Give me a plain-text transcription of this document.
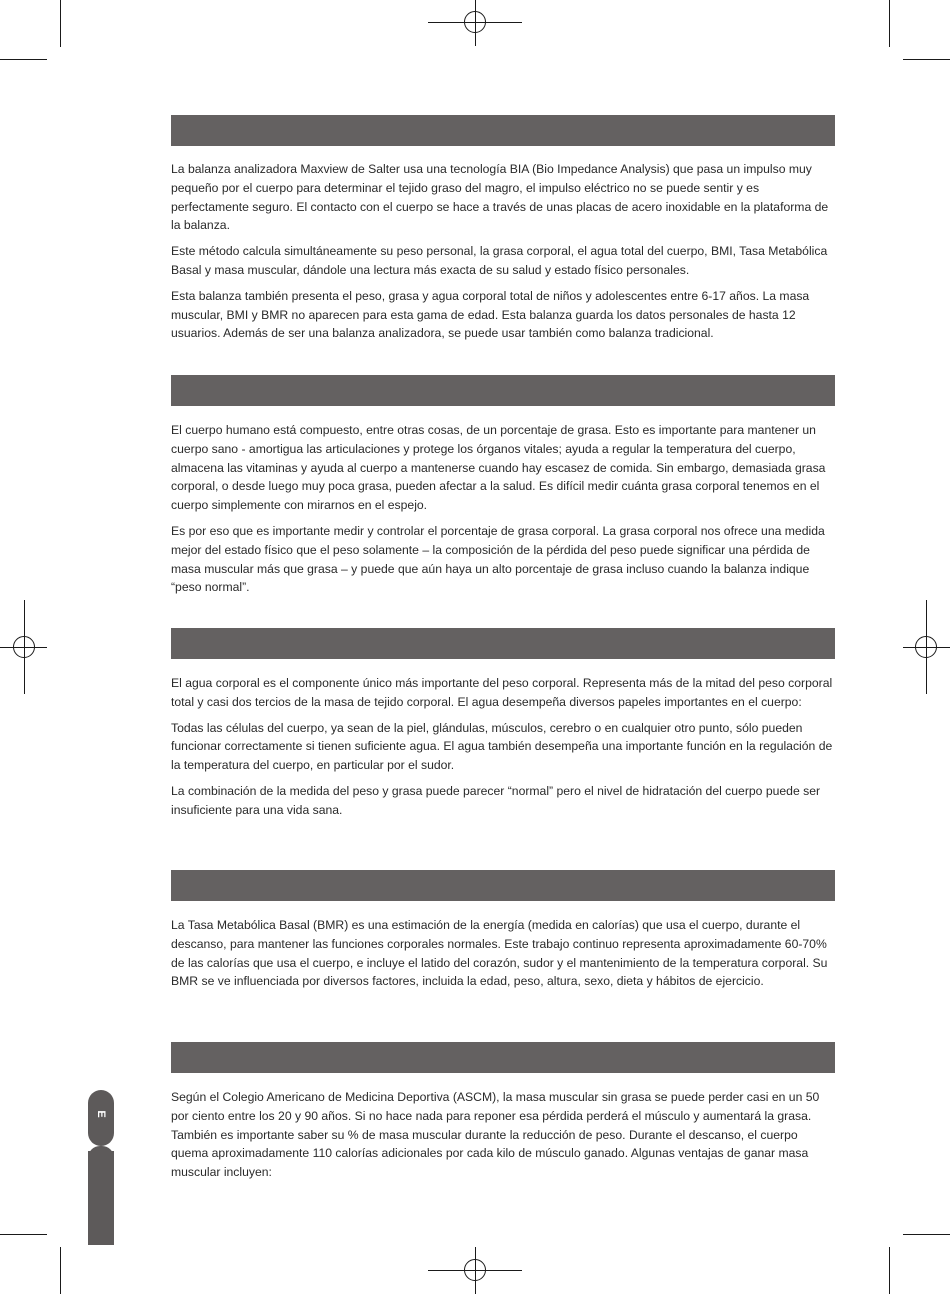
La balanza analizadora Maxview de Salter usa una tecnología BIA (Bio Impedance Analysis) que pasa un impulso muy pequeño por el cuerpo para determinar el tejido graso del magro, el impulso eléctrico no se puede sentir y es perfectamente seguro. El contacto con el cuerpo se hace a través de unas placas de acero inoxidable en la plataforma de la balanza.

Este método calcula simultáneamente su peso personal, la grasa corporal, el agua total del cuerpo, BMI, Tasa Metabólica Basal y masa muscular, dándole una lectura más exacta de su salud y estado físico personales.

Esta balanza también presenta el peso, grasa y agua corporal total de niños y adolescentes entre 6-17 años. La masa muscular, BMI y BMR no aparecen para esta gama de edad. Esta balanza guarda los datos personales de hasta 12 usuarios. Además de ser una balanza analizadora, se puede usar también como balanza tradicional.

El cuerpo humano está compuesto, entre otras cosas, de un porcentaje de grasa. Esto es importante para mantener un cuerpo sano - amortigua las articulaciones y protege los órganos vitales; ayuda a regular la temperatura del cuerpo, almacena las vitaminas y ayuda al cuerpo a mantenerse cuando hay escasez de comida. Sin embargo, demasiada grasa corporal, o desde luego muy poca grasa, pueden afectar a la salud. Es difícil medir cuánta grasa corporal tenemos en el cuerpo simplemente con mirarnos en el espejo.

Es por eso que es importante medir y controlar el porcentaje de grasa corporal. La grasa corporal nos ofrece una medida mejor del estado físico que el peso solamente – la composición de la pérdida del peso puede significar una pérdida de masa muscular más que grasa – y puede que aún haya un alto porcentaje de grasa incluso cuando la balanza indique “peso normal”.

El agua corporal es el componente único más importante del peso corporal. Representa más de la mitad del peso corporal total y casi dos tercios de la masa de tejido corporal. El agua desempeña diversos papeles importantes en el cuerpo:

Todas las células del cuerpo, ya sean de la piel, glándulas, músculos, cerebro o en cualquier otro punto, sólo pueden funcionar correctamente si tienen suficiente agua. El agua también desempeña una importante función en la regulación de la temperatura del cuerpo, en particular por el sudor.

La combinación de la medida del peso y grasa puede parecer “normal” pero el nivel de hidratación del cuerpo puede ser insuficiente para una vida sana.

La Tasa Metabólica Basal (BMR) es una estimación de la energía (medida en calorías) que usa el cuerpo, durante el descanso, para mantener las funciones corporales normales. Este trabajo continuo representa aproximadamente 60-70% de las calorías que usa el cuerpo, e incluye el latido del corazón, sudor y el mantenimiento de la temperatura corporal. Su BMR se ve influenciada por diversos factores, incluida la edad, peso, altura, sexo, dieta y hábitos de ejercicio.

Según el Colegio Americano de Medicina Deportiva (ASCM), la masa muscular sin grasa se puede perder casi en un 50 por ciento entre los 20 y 90 años. Si no hace nada para reponer esa pérdida perderá el músculo y aumentará la grasa. También es importante saber su % de masa muscular durante la reducción de peso. Durante el descanso, el cuerpo quema aproximadamente 110 calorías adicionales por cada kilo de músculo ganado. Algunas ventajas de ganar masa muscular incluyen:

E
